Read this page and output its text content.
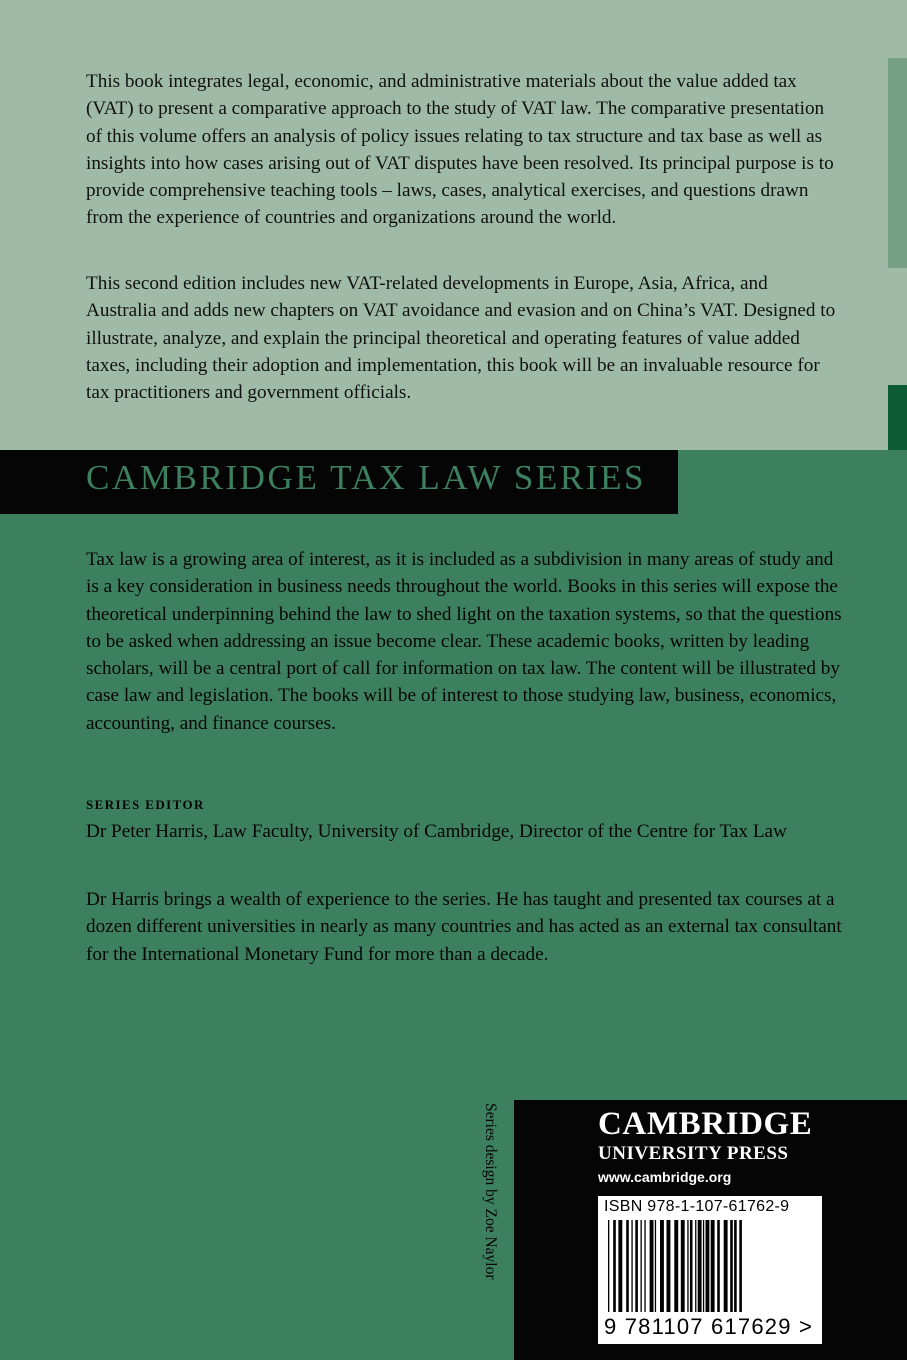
This book integrates legal, economic, and administrative materials about the value added tax (VAT) to present a comparative approach to the study of VAT law. The comparative presentation of this volume offers an analysis of policy issues relating to tax structure and tax base as well as insights into how cases arising out of VAT disputes have been resolved. Its principal purpose is to provide comprehensive teaching tools – laws, cases, analytical exercises, and questions drawn from the experience of countries and organizations around the world.

This second edition includes new VAT-related developments in Europe, Asia, Africa, and Australia and adds new chapters on VAT avoidance and evasion and on China’s VAT. Designed to illustrate, analyze, and explain the principal theoretical and operating features of value added taxes, including their adoption and implementation, this book will be an invaluable resource for tax practitioners and government officials.

CAMBRIDGE TAX LAW SERIES

Tax law is a growing area of interest, as it is included as a subdivision in many areas of study and is a key consideration in business needs throughout the world. Books in this series will expose the theoretical underpinning behind the law to shed light on the taxation systems, so that the questions to be asked when addressing an issue become clear. These academic books, written by leading scholars, will be a central port of call for information on tax law. The content will be illustrated by case law and legislation. The books will be of interest to those studying law, business, economics, accounting, and finance courses.

SERIES EDITOR

Dr Peter Harris, Law Faculty, University of Cambridge, Director of the Centre for Tax Law

Dr Harris brings a wealth of experience to the series. He has taught and presented tax courses at a dozen different universities in nearly as many countries and has acted as an external tax consultant for the International Monetary Fund for more than a decade.

Series design by Zoe Naylor	CAMBRIDGE
UNIVERSITY PRESS
www.cambridge.org
ISBN 978-1-107-61762-9
9 781107 617629 >
